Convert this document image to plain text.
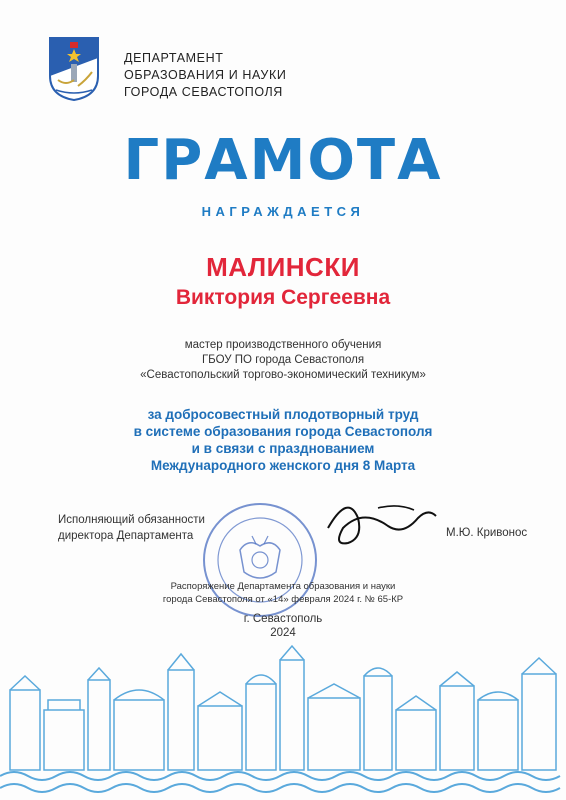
ДЕПАРТАМЕНТ
ОБРАЗОВАНИЯ И НАУКИ
ГОРОДА СЕВАСТОПОЛЯ
ГРАМОТА
НАГРАЖДАЕТСЯ
МАЛИНСКИ
Виктория Сергеевна
мастер производственного обучения
ГБОУ ПО города Севастополя
«Севастопольский торгово-экономический техникум»
за добросовестный плодотворный труд
в системе образования города Севастополя
и в связи с празднованием
Международного женского дня 8 Марта
Исполняющий обязанности
директора Департамента	М.Ю. Кривонос
Распоряжение Департамента образования и науки
города Севастополя от «14» февраля 2024 г. № 65-КР
г. Севастополь
2024
